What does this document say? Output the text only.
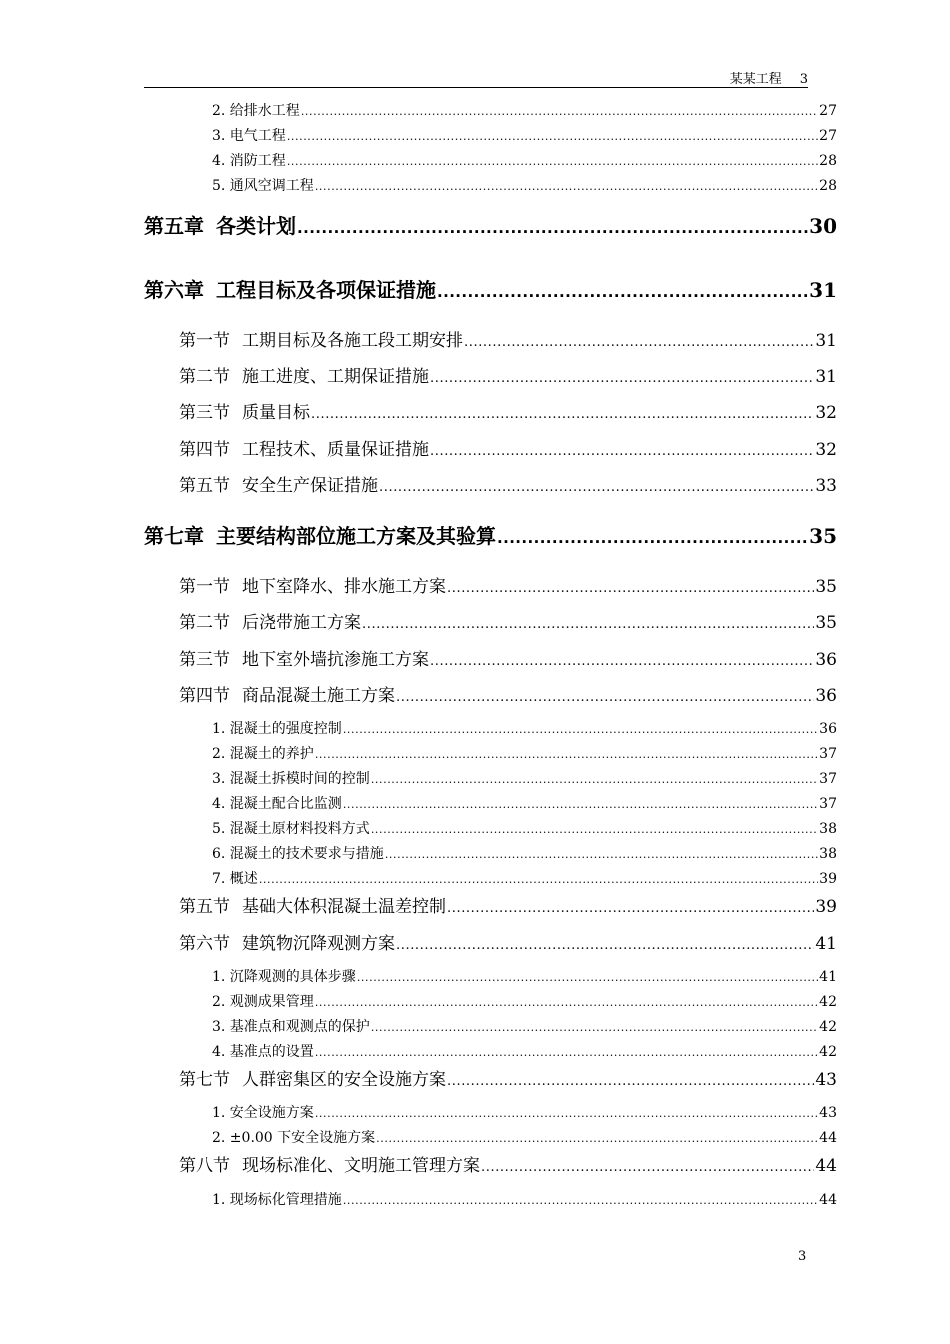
某某工程 3
2. 给排水工程 .....	27
3. 电气工程 .....	27
4. 消防工程 .....	28
5. 通风空调工程 .....	28
第五章 各类计划 .....	30
第六章 工程目标及各项保证措施 .....	31
第一节 工期目标及各施工段工期安排 .....	31
第二节 施工进度、工期保证措施 .....	31
第三节 质量目标 .....	32
第四节 工程技术、质量保证措施 .....	32
第五节 安全生产保证措施 .....	33
第七章 主要结构部位施工方案及其验算 .....	35
第一节 地下室降水、排水施工方案 .....	35
第二节 后浇带施工方案 .....	35
第三节 地下室外墙抗渗施工方案 .....	36
第四节 商品混凝土施工方案 .....	36
1. 混凝土的强度控制 .....	36
2. 混凝土的养护 .....	37
3. 混凝土拆模时间的控制 .....	37
4. 混凝土配合比监测 .....	37
5. 混凝土原材料投料方式 .....	38
6. 混凝土的技术要求与措施 .....	38
7. 概述 .....	39
第五节 基础大体积混凝土温差控制 .....	39
第六节 建筑物沉降观测方案 .....	41
1. 沉降观测的具体步骤 .....	41
2. 观测成果管理 .....	42
3. 基准点和观测点的保护 .....	42
4. 基准点的设置 .....	42
第七节 人群密集区的安全设施方案 .....	43
1. 安全设施方案 .....	43
2. ±0.00 下安全设施方案 .....	44
第八节 现场标准化、文明施工管理方案 .....	44
1. 现场标化管理措施 .....	44
3
